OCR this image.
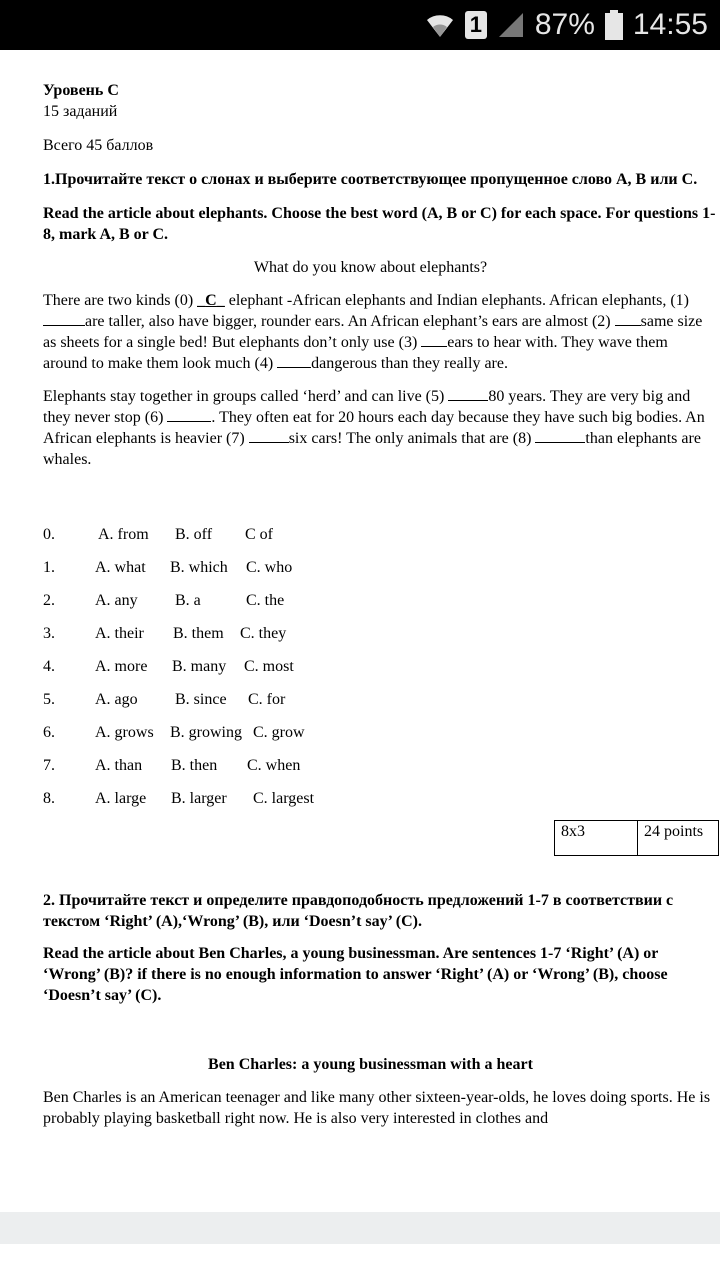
1 87% 14:55

Уровень С

15 заданий

Всего 45 баллов

1.Прочитайте текст о слонах и выберите соответствующее пропущенное слово А, В или С.

Read the article about elephants. Choose the best word (A, B or C) for each space. For questions 1-8, mark A, B or C.

What do you know about elephants?

There are two kinds (0) _C_ elephant -African elephants and Indian elephants. African elephants, (1) are taller, also have bigger, rounder ears. An African elephant’s ears are almost (2) same size as sheets for a single bed! But elephants don’t only use (3) ears to hear with. They wave them around to make them look much (4) dangerous than they really are.

Elephants stay together in groups called ‘herd’ and can live (5)	80 years. They are very big and they never stop (6)	. They often eat for 20 hours each day because they have such big bodies. An African elephants is heavier (7)	six cars! The only animals that are (8)	than elephants are whales.

0.	A. from B. off C of
1.	A. what B. which C. who
2.	A. any B. a	C. the
3.	A. their B. them C. they
4.	A. more B. many C. most
5.	A. ago B. since C. for
6.	A. grows B. growing C. grow
7.	A. than B. then C. when
8.	A. large B. larger C. largest
8x3	24 points

2. Прочитайте текст и определите правдоподобность предложений 1-7 в соответствии с текстом ‘Right’ (A),‘Wrong’ (B), или ‘Doesn’t say’ (C).

Read the article about Ben Charles, a young businessman. Are sentences 1-7 ‘Right’ (A) or ‘Wrong’ (B)? if there is no enough information to answer ‘Right’ (A) or ‘Wrong’ (B), choose ‘Doesn’t say’ (C).

Ben Charles: a young businessman with a heart

Ben Charles is an American teenager and like many other sixteen-year-olds, he loves doing sports. He is probably playing basketball right now. He is also very interested in clothes and
